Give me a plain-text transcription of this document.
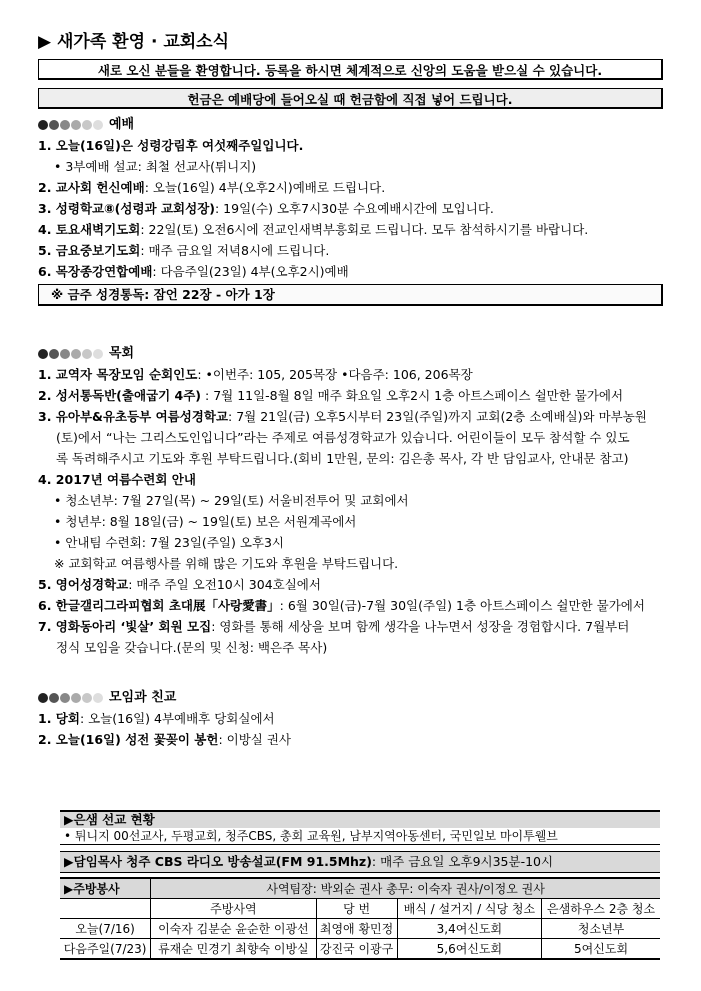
▶ 새가족 환영 · 교회소식
새로 오신 분들을 환영합니다. 등록을 하시면 체계적으로 신앙의 도움을 받으실 수 있습니다.
헌금은 예배당에 들어오실 때 헌금함에 직접 넣어 드립니다.
예배
1. 오늘(16일)은 성령강림후 여섯째주일입니다.
• 3부예배 설교: 최철 선교사(튀니지)
2. 교사회 헌신예배: 오늘(16일) 4부(오후2시)예배로 드립니다.
3. 성령학교⑧(성령과 교회성장): 19일(수) 오후7시30분 수요예배시간에 모입니다.
4. 토요새벽기도회: 22일(토) 오전6시에 전교인새벽부흥회로 드립니다. 모두 참석하시기를 바랍니다.
5. 금요중보기도회: 매주 금요일 저녁8시에 드립니다.
6. 목장종강연합예배: 다음주일(23일) 4부(오후2시)예배
※ 금주 성경통독: 잠언 22장 - 아가 1장
목회
1. 교역자 목장모임 순회인도: •이번주: 105, 205목장 •다음주: 106, 206목장
2. 성서통독반(출애굽기 4주) : 7월 11일-8월 8일 매주 화요일 오후2시 1층 아트스페이스 쉴만한 물가에서
3. 유아부&유초등부 여름성경학교: 7월 21일(금) 오후5시부터 23일(주일)까지 교회(2층 소예배실)와 마부농원
(토)에서 “나는 그리스도인입니다”라는 주제로 여름성경학교가 있습니다. 어린이들이 모두 참석할 수 있도
록 독려해주시고 기도와 후원 부탁드립니다.(회비 1만원, 문의: 김은총 목사, 각 반 담임교사, 안내문 참고)
4. 2017년 여름수련회 안내
• 청소년부: 7월 27일(목) ~ 29일(토) 서울비전투어 및 교회에서
• 청년부: 8월 18일(금) ~ 19일(토) 보은 서원계곡에서
• 안내팀 수련회: 7월 23일(주일) 오후3시
※ 교회학교 여름행사를 위해 많은 기도와 후원을 부탁드립니다.
5. 영어성경학교: 매주 주일 오전10시 304호실에서
6. 한글갤리그라피협회 초대展「사랑愛書」: 6월 30일(금)-7월 30일(주일) 1층 아트스페이스 쉴만한 물가에서
7. 영화동아리 ‘빛살’ 회원 모집: 영화를 통해 세상을 보며 함께 생각을 나누면서 성장을 경험합시다. 7월부터
정식 모임을 갖습니다.(문의 및 신청: 백은주 목사)
모임과 친교
1. 당회: 오늘(16일) 4부예배후 당회실에서
2. 오늘(16일) 성전 꽃꽂이 봉헌: 이방실 권사
▶은샘 선교 현황
• 튀니지 00선교사, 두평교회, 청주CBS, 총회 교육원, 남부지역아동센터, 국민일보 마이투웰브
▶담임목사 청주 CBS 라디오 방송설교(FM 91.5Mhz): 매주 금요일 오후9시35분-10시
▶주방봉사	사역팀장: 박외순 권사 총무: 이숙자 권사/이정오 권사			
	주방사역	당 번	배식 / 설거지 / 식당 청소	은샘하우스 2층 청소
오늘(7/16)	이숙자 김분순 윤순한 이광선	최영애 황민정	3,4여신도회	청소년부
다음주일(7/23)	류재순 민경기 최향숙 이방실	강진국 이광구	5,6여신도회	5여신도회
